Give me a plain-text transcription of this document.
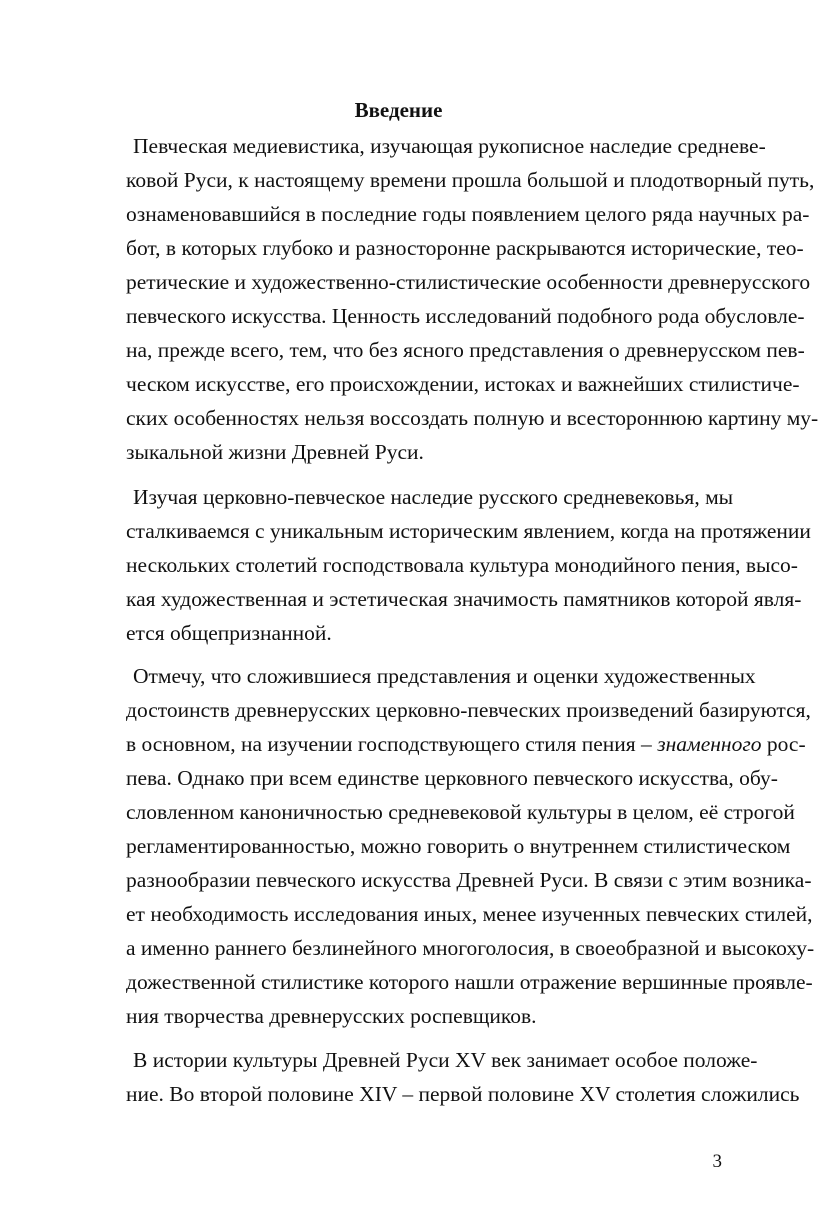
Введение

Певческая медиевистика, изучающая рукописное наследие средневе-

ковой Руси, к настоящему времени прошла большой и плодотворный путь,

ознаменовавшийся в последние годы появлением целого ряда научных ра-

бот, в которых глубоко и разносторонне раскрываются исторические, тео-

ретические и художественно-стилистические особенности древнерусского

певческого искусства. Ценность исследований подобного рода обусловле-

на, прежде всего, тем, что без ясного представления о древнерусском пев-

ческом искусстве, его происхождении, истоках и важнейших стилистиче-

ских особенностях нельзя воссоздать полную и всестороннюю картину му-

зыкальной жизни Древней Руси.

Изучая церковно-певческое наследие русского средневековья, мы

сталкиваемся с уникальным историческим явлением, когда на протяжении

нескольких столетий господствовала культура монодийного пения, высо-

кая художественная и эстетическая значимость памятников которой явля-

ется общепризнанной.

Отмечу, что сложившиеся представления и оценки художественных

достоинств древнерусских церковно-певческих произведений базируются,

в основном, на изучении господствующего стиля пения – знаменного рос-

пева. Однако при всем единстве церковного певческого искусства, обу-

словленном каноничностью средневековой культуры в целом, её строгой

регламентированностью, можно говорить о внутреннем стилистическом

разнообразии певческого искусства Древней Руси. В связи с этим возника-

ет необходимость исследования иных, менее изученных певческих стилей,

а именно раннего безлинейного многоголосия, в своеобразной и высокоху-

дожественной стилистике которого нашли отражение вершинные проявле-

ния творчества древнерусских роспевщиков.

В истории культуры Древней Руси XV век занимает особое положе-

ние. Во второй половине XIV – первой половине XV столетия сложились

3
